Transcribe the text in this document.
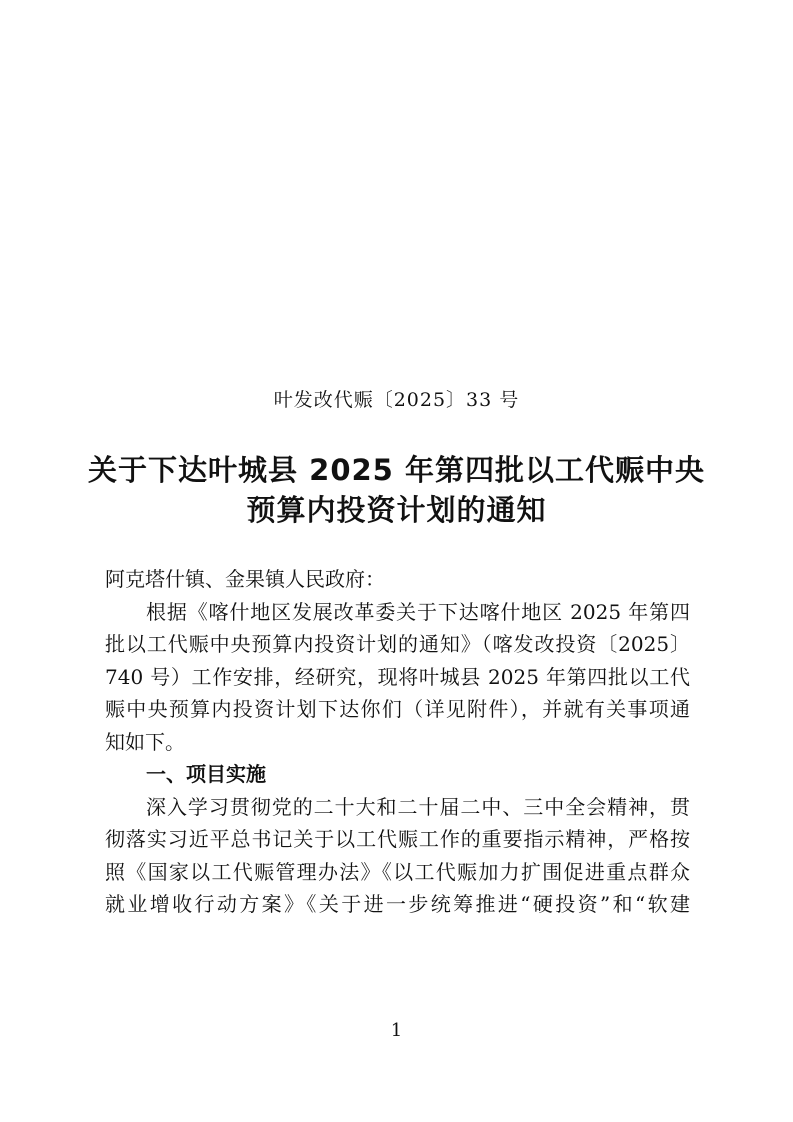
叶发改代赈〔2025〕33 号
关于下达叶城县 2025 年第四批以工代赈中央
预算内投资计划的通知
阿克塔什镇、金果镇人民政府：
根据《喀什地区发展改革委关于下达喀什地区 2025 年第四
批以工代赈中央预算内投资计划的通知》（喀发改投资〔2025〕
740 号）工作安排，经研究，现将叶城县 2025 年第四批以工代
赈中央预算内投资计划下达你们（详见附件），并就有关事项通
知如下。
一、项目实施
深入学习贯彻党的二十大和二十届二中、三中全会精神，贯
彻落实习近平总书记关于以工代赈工作的重要指示精神，严格按
照《国家以工代赈管理办法》《以工代赈加力扩围促进重点群众
就业增收行动方案》《关于进一步统筹推进“硬投资”和“软建
1
